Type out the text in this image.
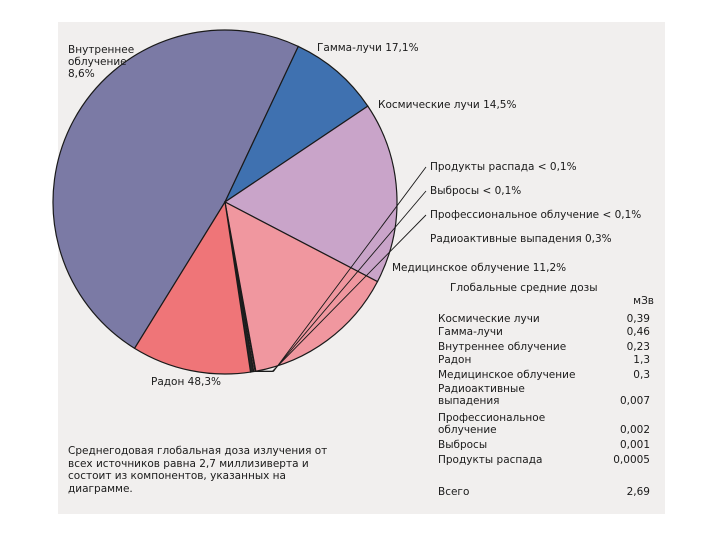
Внутреннее
облучение
8,6%
Гамма-лучи 17,1%
Космические лучи 14,5%
Продукты распада < 0,1%
Выбросы < 0,1%
Профессиональное облучение < 0,1%
Радиоактивные выпадения 0,3%
Медицинское облучение 11,2%
Радон 48,3%
Глобальные средние дозы
мЗв
Космические лучи	0,39
Гамма-лучи	0,46
Внутреннее облучение	0,23
Радон	1,3
Медицинское облучение	0,3
Радиоактивные
выпадения	0,007
Профессиональное
облучение	0,002
Выбросы	0,001
Продукты распада	0,0005
Всего	2,69
Среднегодовая глобальная доза излучения от
всех источников равна 2,7 миллизиверта и
состоит из компонентов, указанных на
диаграмме.
